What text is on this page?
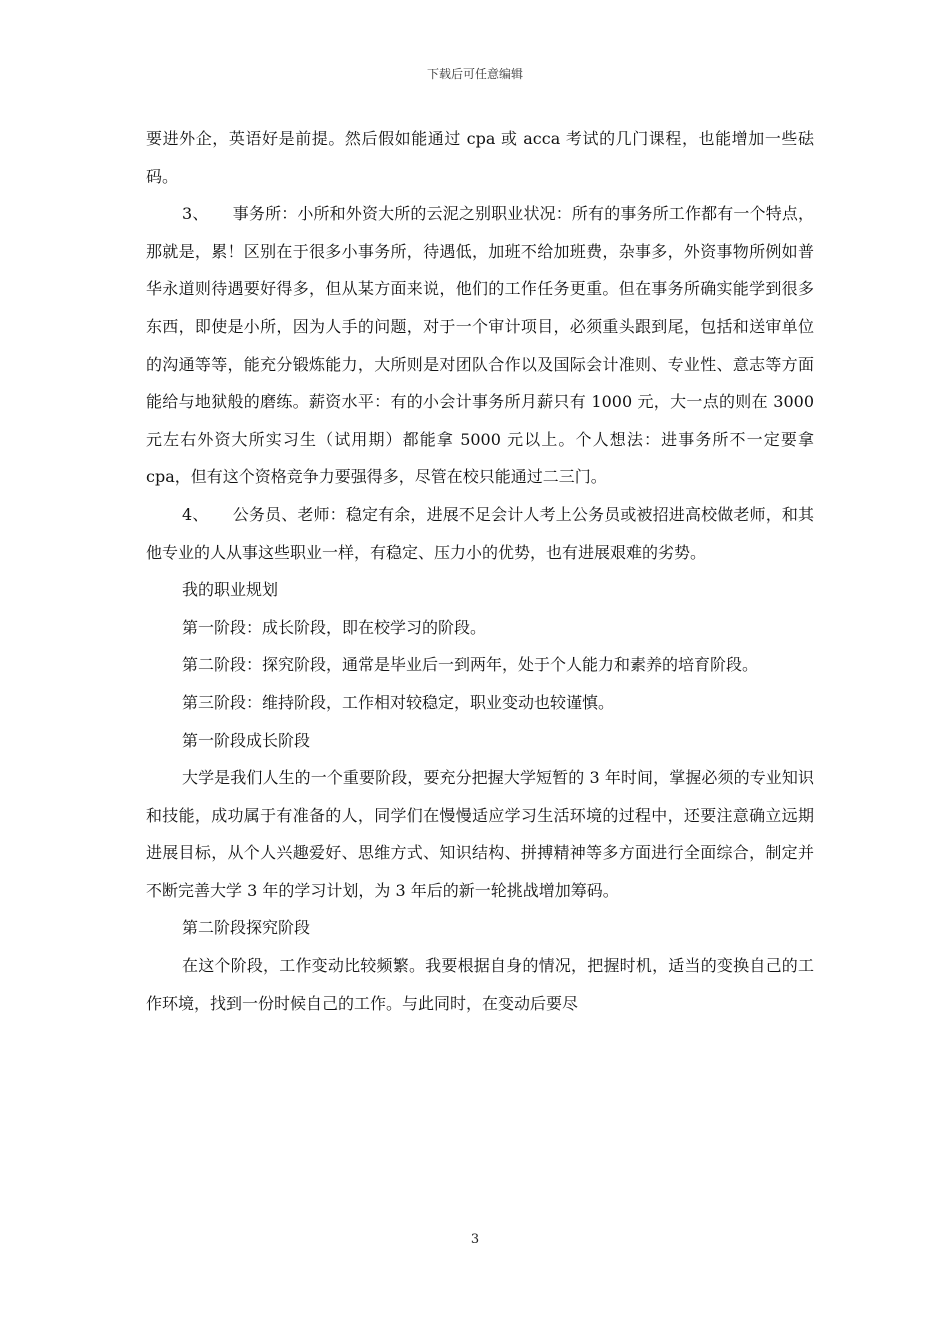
下载后可任意编辑

要进外企，英语好是前提。然后假如能通过 cpa 或 acca 考试的几门课程，也能增加一些砝码。

3、　　事务所：小所和外资大所的云泥之别职业状况：所有的事务所工作都有一个特点，那就是，累！区别在于很多小事务所，待遇低，加班不给加班费，杂事多，外资事物所例如普华永道则待遇要好得多，但从某方面来说，他们的工作任务更重。但在事务所确实能学到很多东西，即使是小所，因为人手的问题，对于一个审计项目，必须重头跟到尾，包括和送审单位的沟通等等，能充分锻炼能力，大所则是对团队合作以及国际会计准则、专业性、意志等方面能给与地狱般的磨练。薪资水平：有的小会计事务所月薪只有 1000 元，大一点的则在 3000 元左右外资大所实习生（试用期）都能拿 5000 元以上。个人想法：进事务所不一定要拿 cpa，但有这个资格竞争力要强得多，尽管在校只能通过二三门。

4、　　公务员、老师：稳定有余，进展不足会计人考上公务员或被招进高校做老师，和其他专业的人从事这些职业一样，有稳定、压力小的优势，也有进展艰难的劣势。

我的职业规划

第一阶段：成长阶段，即在校学习的阶段。

第二阶段：探究阶段，通常是毕业后一到两年，处于个人能力和素养的培育阶段。

第三阶段：维持阶段，工作相对较稳定，职业变动也较谨慎。

第一阶段成长阶段

大学是我们人生的一个重要阶段，要充分把握大学短暂的 3 年时间，掌握必须的专业知识和技能，成功属于有准备的人，同学们在慢慢适应学习生活环境的过程中，还要注意确立远期进展目标，从个人兴趣爱好、思维方式、知识结构、拼搏精神等多方面进行全面综合，制定并不断完善大学 3 年的学习计划，为 3 年后的新一轮挑战增加筹码。

第二阶段探究阶段

在这个阶段，工作变动比较频繁。我要根据自身的情况，把握时机，适当的变换自己的工作环境，找到一份时候自己的工作。与此同时，在变动后要尽

3
